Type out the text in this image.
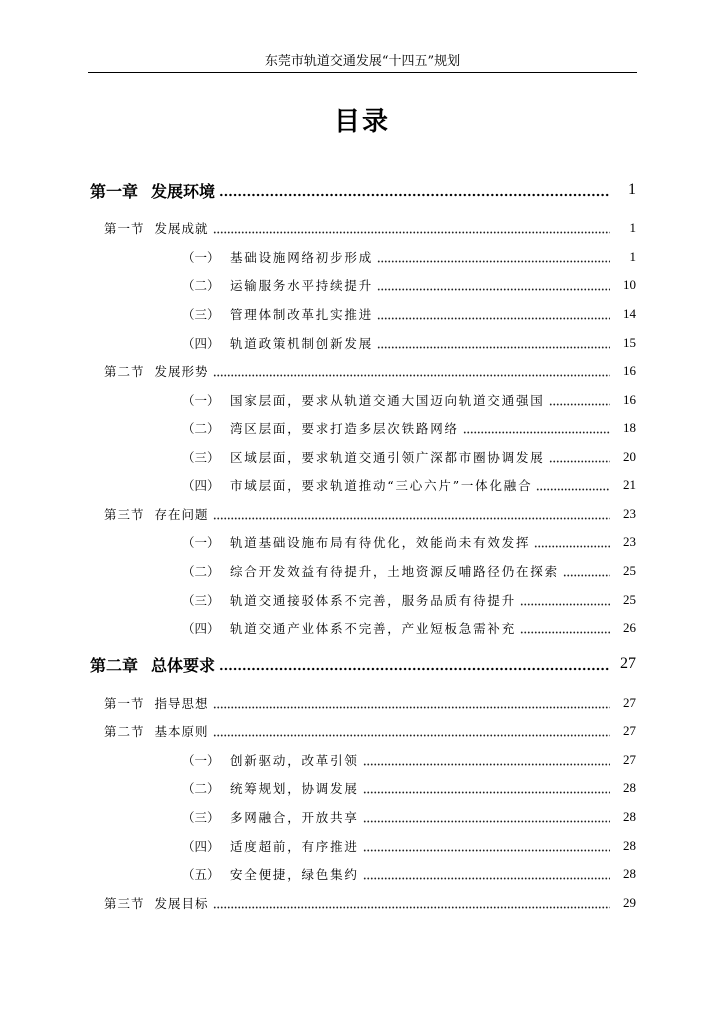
东莞市轨道交通发展“十四五”规划
目录
第一章 发展环境	1
第一节 发展成就	1
（一） 基础设施网络初步形成	1
（二） 运输服务水平持续提升	10
（三） 管理体制改革扎实推进	14
（四） 轨道政策机制创新发展	15
第二节 发展形势	16
（一） 国家层面，要求从轨道交通大国迈向轨道交通强国	16
（二） 湾区层面，要求打造多层次铁路网络	18
（三） 区域层面，要求轨道交通引领广深都市圈协调发展	20
（四） 市域层面，要求轨道推动“三心六片”一体化融合	21
第三节 存在问题	23
（一） 轨道基础设施布局有待优化，效能尚未有效发挥	23
（二） 综合开发效益有待提升，土地资源反哺路径仍在探索	25
（三） 轨道交通接驳体系不完善，服务品质有待提升	25
（四） 轨道交通产业体系不完善，产业短板急需补充	26
第二章 总体要求	27
第一节 指导思想	27
第二节 基本原则	27
（一） 创新驱动，改革引领	27
（二） 统筹规划，协调发展	28
（三） 多网融合，开放共享	28
（四） 适度超前，有序推进	28
（五） 安全便捷，绿色集约	28
第三节 发展目标	29
